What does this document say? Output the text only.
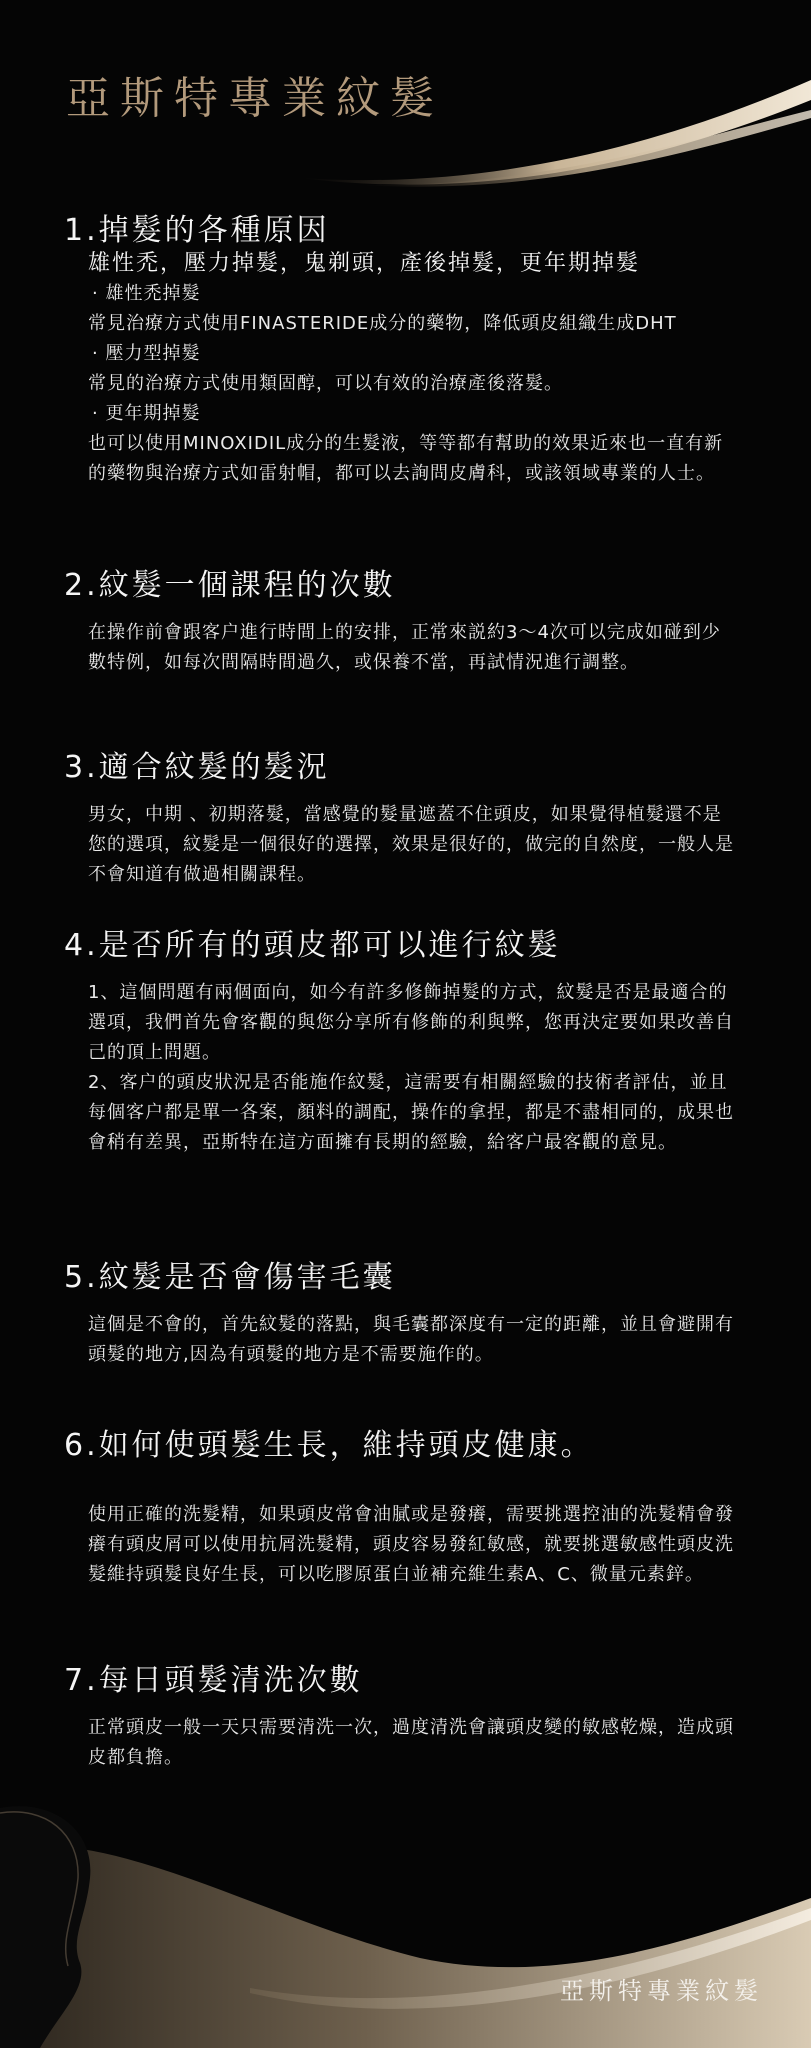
亞斯特專業紋髮
1.掉髮的各種原因

雄性禿，壓力掉髮，鬼剃頭，產後掉髮，更年期掉髮

· 雄性禿掉髮

常見治療方式使用FINASTERIDE成分的藥物，降低頭皮組織生成DHT

· 壓力型掉髮

常見的治療方式使用類固醇，可以有效的治療產後落髮。

· 更年期掉髮

也可以使用MINOXIDIL成分的生髮液，等等都有幫助的效果近來也一直有新的藥物與治療方式如雷射帽，都可以去詢問皮膚科，或該領域專業的人士。

2.紋髮一個課程的次數

在操作前會跟客户進行時間上的安排，正常來説約3～4次可以完成如碰到少數特例，如每次間隔時間過久，或保養不當，再試情況進行調整。

3.適合紋髮的髮況

男女，中期 、初期落髮，當感覺的髮量遮蓋不住頭皮，如果覺得植髮還不是您的選項，紋髮是一個很好的選擇，效果是很好的，做完的自然度，一般人是不會知道有做過相關課程。

4.是否所有的頭皮都可以進行紋髮

1、這個問題有兩個面向，如今有許多修飾掉髮的方式，紋髮是否是最適合的選項，我們首先會客觀的與您分享所有修飾的利與弊，您再決定要如果改善自己的頂上問題。

2、客户的頭皮狀況是否能施作紋髮，這需要有相關經驗的技術者評估，並且每個客户都是單一各案，顏料的調配，操作的拿捏，都是不盡相同的，成果也會稍有差異，亞斯特在這方面擁有長期的經驗，給客户最客觀的意見。

5.紋髮是否會傷害毛囊

這個是不會的，首先紋髮的落點，與毛囊都深度有一定的距離，並且會避開有頭髮的地方,因為有頭髮的地方是不需要施作的。

6.如何使頭髮生長，維持頭皮健康。

使用正確的洗髮精，如果頭皮常會油膩或是發癢，需要挑選控油的洗髮精會發癢有頭皮屑可以使用抗屑洗髮精，頭皮容易發紅敏感，就要挑選敏感性頭皮洗髮維持頭髮良好生長，可以吃膠原蛋白並補充維生素A、C、微量元素鋅。

7.每日頭髮清洗次數

正常頭皮一般一天只需要清洗一次，過度清洗會讓頭皮變的敏感乾燥，造成頭皮都負擔。

亞斯特專業紋髮
